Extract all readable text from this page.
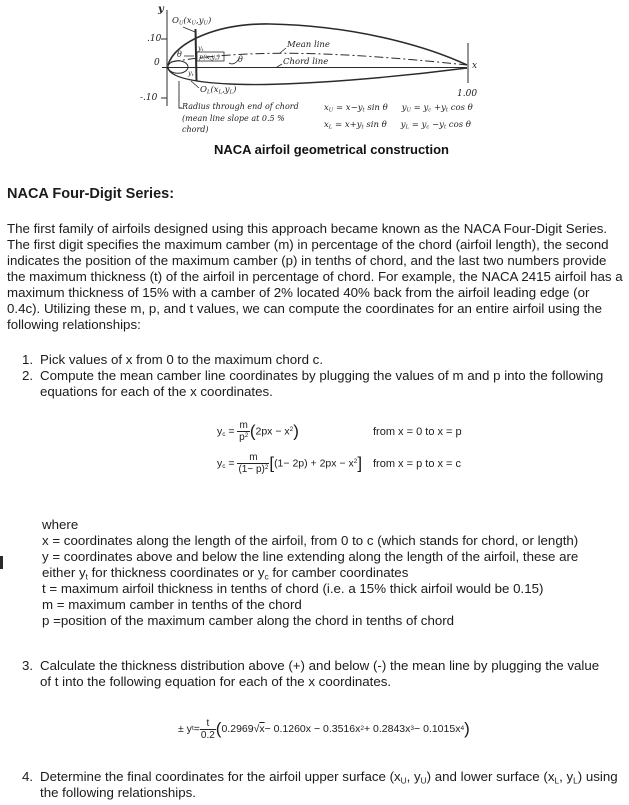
y
.10
0
-.10
x
1.00
$O_U(x_U,y_U)$
$O_L(x_L,y_L)$
θ
θ
$y_t$
$p(x,y_c)$
$y_t$
Mean line
Chord line
Radius through end of chord
(mean line slope at 0.5 %
chord)
$x_U = x-y_t$ sin θ $y_U = y_c +y_t$ cos θ
$x_L = x+y_t$ sin θ $y_L = y_c -y_t$ cos θ
NACA airfoil geometrical construction
NACA Four-Digit Series:
The first family of airfoils designed using this approach became known as the NACA Four-Digit Series. The first digit specifies the maximum camber (m) in percentage of the chord (airfoil length), the second indicates the position of the maximum camber (p) in tenths of chord, and the last two numbers provide the maximum thickness (t) of the airfoil in percentage of chord. For example, the NACA 2415 airfoil has a maximum thickness of 15% with a camber of 2% located 40% back from the airfoil leading edge (or 0.4c). Utilizing these m, p, and t values, we can compute the coordinates for an entire airfoil using the following relationships:
1. Pick values of x from 0 to the maximum chord c.
2. Compute the mean camber line coordinates by plugging the values of m and p into the following equations for each of the x coordinates.
$y_c = \frac{m}{p^2} (2px - x^2)$	from x = 0 to x = p
$y_c = \frac{m}{(1- p)^2} [(1- 2p) + 2px - x^2]$ from x = p to x = c
where
x = coordinates along the length of the airfoil, from 0 to c (which stands for chord, or length)
y = coordinates above and below the line extending along the length of the airfoil, these are
either $y_t$ for thickness coordinates or $y_c$ for camber coordinates
t = maximum airfoil thickness in tenths of chord (i.e. a 15% thick airfoil would be 0.15)
m = maximum camber in tenths of the chord
p =position of the maximum camber along the chord in tenths of chord
3. Calculate the thickness distribution above (+) and below (-) the mean line by plugging the value of t into the following equation for each of the x coordinates.
± y $t = \frac{t}{0.2}$ ( 0.2969 √ x − 0.1260x − 0.3516x 2 + 0.2843x 3 − 0.1015x 4 )
4. Determine the final coordinates for the airfoil upper surface ($x_U$, $y_U$) and lower surface ($x_L$, $y_L$) using the following relationships.
